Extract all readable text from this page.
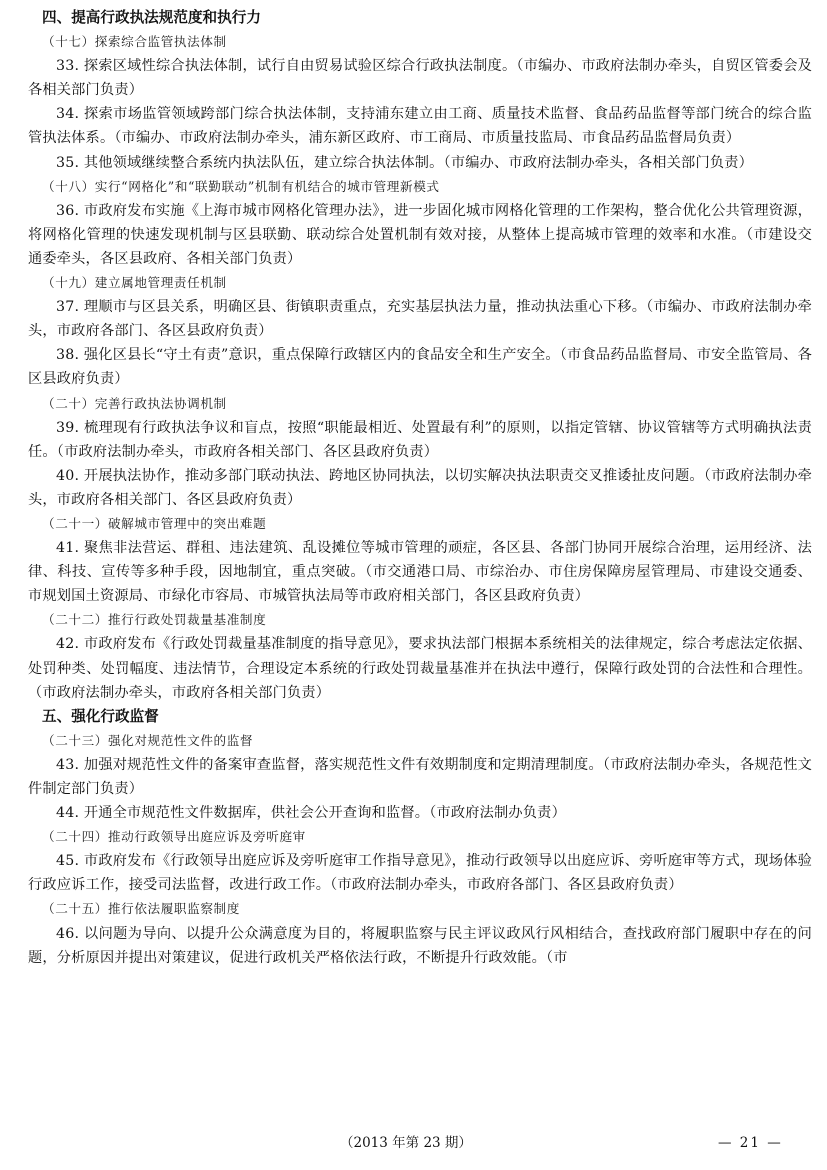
四、提高行政执法规范度和执行力
（十七）探索综合监管执法体制

33. 探索区域性综合执法体制，试行自由贸易试验区综合行政执法制度。（市编办、市政府法制办牵头，自贸区管委会及各相关部门负责）

34. 探索市场监管领域跨部门综合执法体制，支持浦东建立由工商、质量技术监督、食品药品监督等部门统合的综合监管执法体系。（市编办、市政府法制办牵头，浦东新区政府、市工商局、市质量技监局、市食品药品监督局负责）

35. 其他领域继续整合系统内执法队伍，建立综合执法体制。（市编办、市政府法制办牵头，各相关部门负责）

（十八）实行“网格化”和“联勤联动”机制有机结合的城市管理新模式

36. 市政府发布实施《上海市城市网格化管理办法》，进一步固化城市网格化管理的工作架构，整合优化公共管理资源，将网格化管理的快速发现机制与区县联勤、联动综合处置机制有效对接，从整体上提高城市管理的效率和水准。（市建设交通委牵头，各区县政府、各相关部门负责）

（十九）建立属地管理责任机制

37. 理顺市与区县关系，明确区县、街镇职责重点，充实基层执法力量，推动执法重心下移。（市编办、市政府法制办牵头，市政府各部门、各区县政府负责）

38. 强化区县长“守土有责”意识，重点保障行政辖区内的食品安全和生产安全。（市食品药品监督局、市安全监管局、各区县政府负责）

（二十）完善行政执法协调机制

39. 梳理现有行政执法争议和盲点，按照“职能最相近、处置最有利”的原则，以指定管辖、协议管辖等方式明确执法责任。（市政府法制办牵头，市政府各相关部门、各区县政府负责）

40. 开展执法协作，推动多部门联动执法、跨地区协同执法，以切实解决执法职责交叉推诿扯皮问题。（市政府法制办牵头，市政府各相关部门、各区县政府负责）

（二十一）破解城市管理中的突出难题

41. 聚焦非法营运、群租、违法建筑、乱设摊位等城市管理的顽症，各区县、各部门协同开展综合治理，运用经济、法律、科技、宣传等多种手段，因地制宜，重点突破。（市交通港口局、市综治办、市住房保障房屋管理局、市建设交通委、市规划国土资源局、市绿化市容局、市城管执法局等市政府相关部门，各区县政府负责）

（二十二）推行行政处罚裁量基准制度

42. 市政府发布《行政处罚裁量基准制度的指导意见》，要求执法部门根据本系统相关的法律规定，综合考虑法定依据、处罚种类、处罚幅度、违法情节，合理设定本系统的行政处罚裁量基准并在执法中遵行，保障行政处罚的合法性和合理性。（市政府法制办牵头，市政府各相关部门负责）

五、强化行政监督
（二十三）强化对规范性文件的监督

43. 加强对规范性文件的备案审查监督，落实规范性文件有效期制度和定期清理制度。（市政府法制办牵头，各规范性文件制定部门负责）

44. 开通全市规范性文件数据库，供社会公开查询和监督。（市政府法制办负责）

（二十四）推动行政领导出庭应诉及旁听庭审

45. 市政府发布《行政领导出庭应诉及旁听庭审工作指导意见》，推动行政领导以出庭应诉、旁听庭审等方式，现场体验行政应诉工作，接受司法监督，改进行政工作。（市政府法制办牵头，市政府各部门、各区县政府负责）

（二十五）推行依法履职监察制度

46. 以问题为导向、以提升公众满意度为目的，将履职监察与民主评议政风行风相结合，查找政府部门履职中存在的问题，分析原因并提出对策建议，促进行政机关严格依法行政，不断提升行政效能。（市

（2013 年第 23 期）	— 21 —
